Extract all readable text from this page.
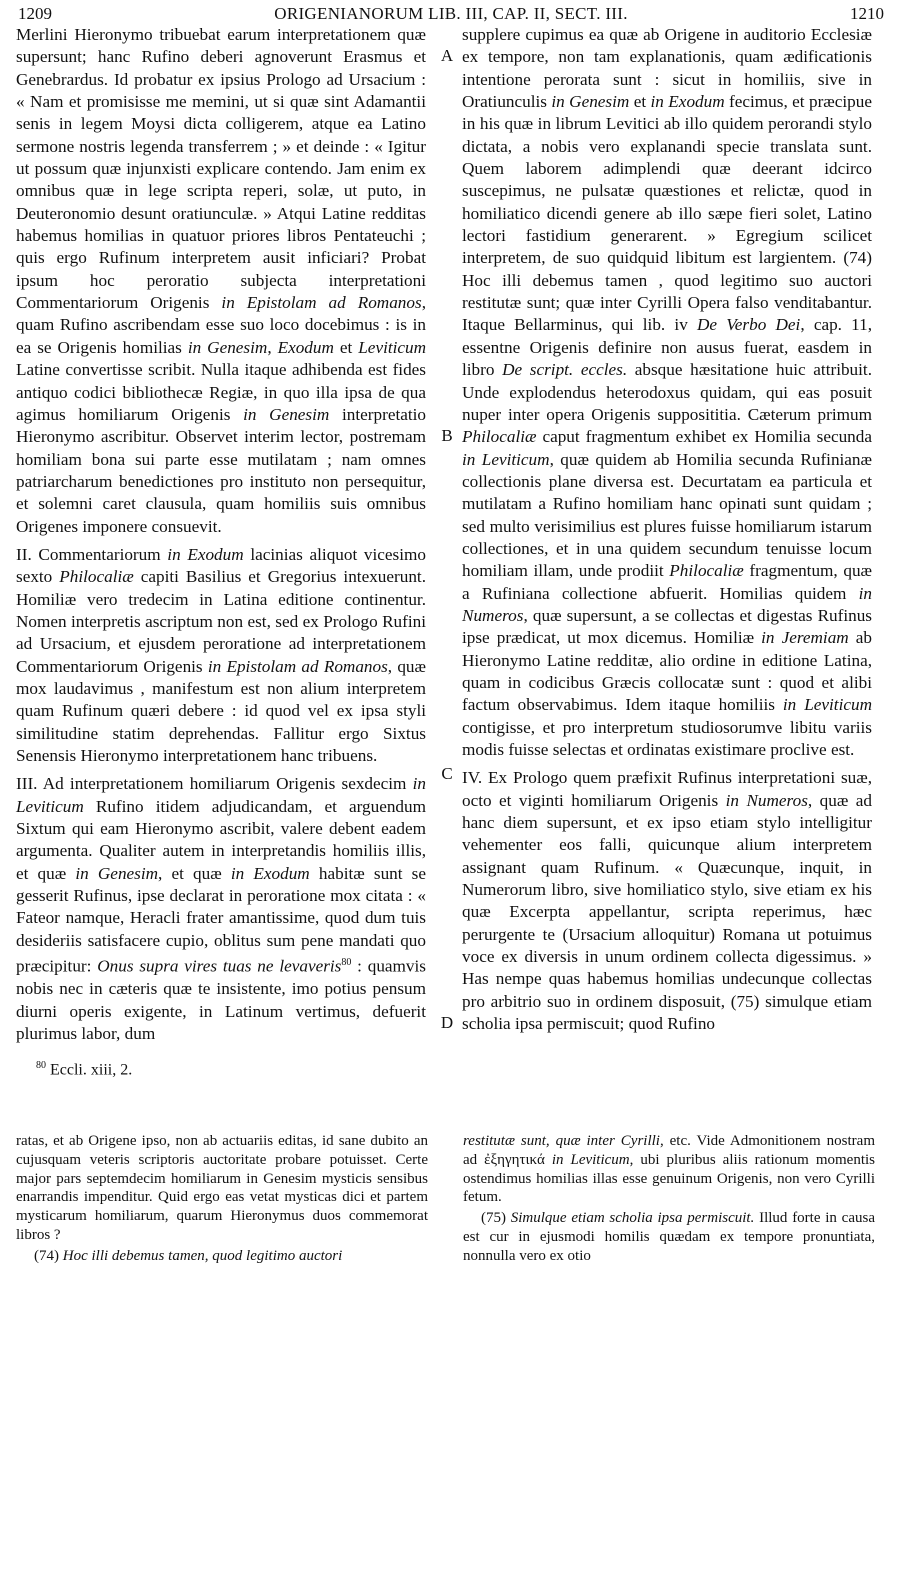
1209	ORIGENIANORUM LIB. III, CAP. II, SECT. III.	1210

Merlini Hieronymo tribuebat earum interpretationem quæ supersunt; hanc Rufino deberi agnoverunt Erasmus et Genebrardus. Id probatur ex ipsius Prologo ad Ursacium : « Nam et promisisse me memini, ut si quæ sint Adamantii senis in legem Moysi dicta colligerem, atque ea Latino sermone nostris legenda transferrem ; » et deinde : « Igitur ut possum quæ injunxisti explicare contendo. Jam enim ex omnibus quæ in lege scripta reperi, solæ, ut puto, in Deuteronomio desunt oratiunculæ. » Atqui Latine redditas habemus homilias in quatuor priores libros Pentateuchi ; quis ergo Rufinum interpretem ausit inficiari? Probat ipsum hoc peroratio subjecta interpretationi Commentariorum Origenis in Epistolam ad Romanos, quam Rufino ascribendam esse suo loco docebimus : is in ea se Origenis homilias in Genesim, Exodum et Leviticum Latine convertisse scribit. Nulla itaque adhibenda est fides antiquo codici bibliothecæ Regiæ, in quo illa ipsa de qua agimus homiliarum Origenis in Genesim interpretatio Hieronymo ascribitur. Observet interim lector, postremam homiliam bona sui parte esse mutilatam ; nam omnes patriarcharum benedictiones pro instituto non persequitur, et solemni caret clausula, quam homiliis suis omnibus Origenes imponere consuevit.

II. Commentariorum in Exodum lacinias aliquot vicesimo sexto Philocaliæ capiti Basilius et Gregorius intexuerunt. Homiliæ vero tredecim in Latina editione continentur. Nomen interpretis ascriptum non est, sed ex Prologo Rufini ad Ursacium, et ejusdem peroratione ad interpretationem Commentariorum Origenis in Epistolam ad Romanos, quæ mox laudavimus , manifestum est non alium interpretem quam Rufinum quæri debere : id quod vel ex ipsa styli similitudine statim deprehendas. Fallitur ergo Sixtus Senensis Hieronymo interpretationem hanc tribuens.

III. Ad interpretationem homiliarum Origenis sexdecim in Leviticum Rufino itidem adjudicandam, et arguendum Sixtum qui eam Hieronymo ascribit, valere debent eadem argumenta. Qualiter autem in interpretandis homiliis illis, et quæ in Genesim, et quæ in Exodum habitæ sunt se gesserit Rufinus, ipse declarat in peroratione mox citata : « Fateor namque, Heracli frater amantissime, quod dum tuis desideriis satisfacere cupio, oblitus sum pene mandati quo præcipitur: Onus supra vires tuas ne levaveris$^{80}$ : quamvis nobis nec in cæteris quæ te insistente, imo potius pensum diurni operis exigente, in Latinum vertimus, defuerit plurimus labor, dum

A
B
C
D

supplere cupimus ea quæ ab Origene in auditorio Ecclesiæ ex tempore, non tam explanationis, quam ædificationis intentione perorata sunt : sicut in homiliis, sive in Oratiunculis in Genesim et in Exodum fecimus, et præcipue in his quæ in librum Levitici ab illo quidem perorandi stylo dictata, a nobis vero explanandi specie translata sunt. Quem laborem adimplendi quæ deerant idcirco suscepimus, ne pulsatæ quæstiones et relictæ, quod in homiliatico dicendi genere ab illo sæpe fieri solet, Latino lectori fastidium generarent. » Egregium scilicet interpretem, de suo quidquid libitum est largientem. (74) Hoc illi debemus tamen , quod legitimo suo auctori restitutæ sunt; quæ inter Cyrilli Opera falso venditabantur. Itaque Bellarminus, qui lib. iv De Verbo Dei, cap. 11, essentne Origenis definire non ausus fuerat, easdem in libro De script. eccles. absque hæsitatione huic attribuit. Unde explodendus heterodoxus quidam, qui eas posuit nuper inter opera Origenis supposititia. Cæterum primum Philocaliæ caput fragmentum exhibet ex Homilia secunda in Leviticum, quæ quidem ab Homilia secunda Rufinianæ collectionis plane diversa est. Decurtatam ea particula et mutilatam a Rufino homiliam hanc opinati sunt quidam ; sed multo verisimilius est plures fuisse homiliarum istarum collectiones, et in una quidem secundum tenuisse locum homiliam illam, unde prodiit Philocaliæ fragmentum, quæ a Rufiniana collectione abfuerit. Homilias quidem in Numeros, quæ supersunt, a se collectas et digestas Rufinus ipse prædicat, ut mox dicemus. Homiliæ in Jeremiam ab Hieronymo Latine redditæ, alio ordine in editione Latina, quam in codicibus Græcis collocatæ sunt : quod et alibi factum observabimus. Idem itaque homiliis in Leviticum contigisse, et pro interpretum studiosorumve libitu variis modis fuisse selectas et ordinatas existimare proclive est.

IV. Ex Prologo quem præfixit Rufinus interpretationi suæ, octo et viginti homiliarum Origenis in Numeros, quæ ad hanc diem supersunt, et ex ipso etiam stylo intelligitur vehementer eos falli, quicunque alium interpretem assignant quam Rufinum. « Quæcunque, inquit, in Numerorum libro, sive homiliatico stylo, sive etiam ex his quæ Excerpta appellantur, scripta reperimus, hæc perurgente te (Ursacium alloquitur) Romana ut potuimus voce ex diversis in unum ordinem collecta digessimus. » Has nempe quas habemus homilias undecunque collectas pro arbitrio suo in ordinem disposuit, (75) simulque etiam scholia ipsa permiscuit; quod Rufino

$^{80}$ Eccli. xiii, 2.

ratas, et ab Origene ipso, non ab actuariis editas, id sane dubito an cujusquam veteris scriptoris auctoritate probare potuisset. Certe major pars septemdecim homiliarum in Genesim mysticis sensibus enarrandis impenditur. Quid ergo eas vetat mysticas dici et partem mysticarum homiliarum, quarum Hieronymus duos commemorat libros ?

(74) Hoc illi debemus tamen, quod legitimo auctori

restitutæ sunt, quæ inter Cyrilli, etc. Vide Admonitionem nostram ad ἐξηγητικά in Leviticum, ubi pluribus aliis rationum momentis ostendimus homilias illas esse genuinum Origenis, non vero Cyrilli fetum.

(75) Simulque etiam scholia ipsa permiscuit. Illud forte in causa est cur in ejusmodi homilis quædam ex tempore pronuntiata, nonnulla vero ex otio
